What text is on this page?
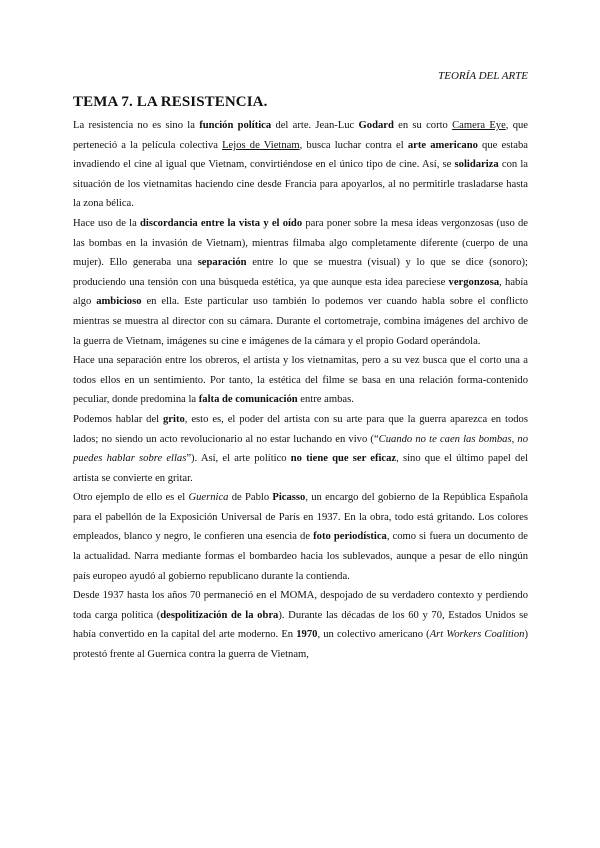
TEORÍA DEL ARTE
TEMA 7. LA RESISTENCIA.

La resistencia no es sino la función política del arte. Jean-Luc Godard en su corto Camera Eye, que perteneció a la película colectiva Lejos de Vietnam, busca luchar contra el arte americano que estaba invadiendo el cine al igual que Vietnam, convirtiéndose en el único tipo de cine. Así, se solidariza con la situación de los vietnamitas haciendo cine desde Francia para apoyarlos, al no permitirle trasladarse hasta la zona bélica.

Hace uso de la discordancia entre la vista y el oído para poner sobre la mesa ideas vergonzosas (uso de las bombas en la invasión de Vietnam), mientras filmaba algo completamente diferente (cuerpo de una mujer). Ello generaba una separación entre lo que se muestra (visual) y lo que se dice (sonoro); produciendo una tensión con una búsqueda estética, ya que aunque esta idea pareciese vergonzosa, había algo ambicioso en ella. Este particular uso también lo podemos ver cuando habla sobre el conflicto mientras se muestra al director con su cámara. Durante el cortometraje, combina imágenes del archivo de la guerra de Vietnam, imágenes su cine e imágenes de la cámara y el propio Godard operándola.

Hace una separación entre los obreros, el artista y los vietnamitas, pero a su vez busca que el corto una a todos ellos en un sentimiento. Por tanto, la estética del filme se basa en una relación forma-contenido peculiar, donde predomina la falta de comunicación entre ambas.

Podemos hablar del grito, esto es, el poder del artista con su arte para que la guerra aparezca en todos lados; no siendo un acto revolucionario al no estar luchando en vivo (“Cuando no te caen las bombas, no puedes hablar sobre ellas”). Así, el arte político no tiene que ser eficaz, sino que el último papel del artista se convierte en gritar.

Otro ejemplo de ello es el Guernica de Pablo Picasso, un encargo del gobierno de la República Española para el pabellón de la Exposición Universal de París en 1937. En la obra, todo está gritando. Los colores empleados, blanco y negro, le confieren una esencia de foto periodística, como si fuera un documento de la actualidad. Narra mediante formas el bombardeo hacia los sublevados, aunque a pesar de ello ningún país europeo ayudó al gobierno republicano durante la contienda.

Desde 1937 hasta los años 70 permaneció en el MOMA, despojado de su verdadero contexto y perdiendo toda carga política (despolitización de la obra). Durante las décadas de los 60 y 70, Estados Unidos se había convertido en la capital del arte moderno. En 1970, un colectivo americano (Art Workers Coalition) protestó frente al Guernica contra la guerra de Vietnam,
